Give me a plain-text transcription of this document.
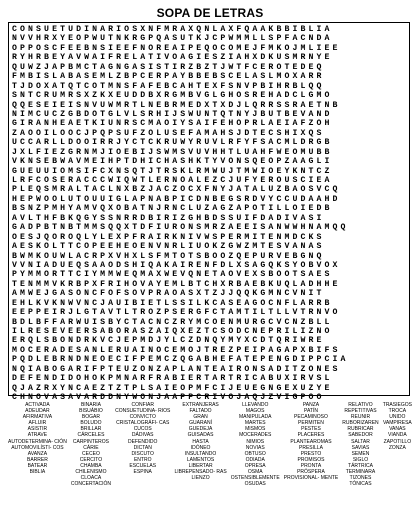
SOPA DE LETRAS
CONSUETUDINARIOSXNFMRAXQNLAXFQAAKBBIBLIA
NVVHRXYEOPWUTNKRGPQASUTKJCPWMMLLSPFACNDA
OPPOSCFEEBNSIEEFNOREAIPEQOCOMEJFMKOJMLIEE
RYHRBEYAVWAIFRELATIVOAGIESZIAHXDKUSMRNYE
QUWZJAPBMCTAGNGASISTIRZBZTJWTFCEROTEDEQ
FMBISLABASEMLZBPCERPAYBBEBSCELASLMOXARR
TJDOXATQTCOTMNSFAFEBCAHTEXFSNVPBIHRBLQQ
SNTCRUMRSXZKXEUDDBXRGMBVGLGHOSREHADCLGMO
QQESEIEISNVUWMRTLNEBRMEDXTXDJLQRRSSRAETNB
NIMCUCZGBDOTGLVLSRHIJSWUNTQTNYJBUTBEVAND
GIRANHEAETKIUNRSCMAOIYSAIFEHOPRLAEIAFZOH
ZAOOILOOCJPQPSUFZOLUSEFAMAHSJDTECSHIXQS
UCCARLLDOOIRRJYCTCKRUWYRUVLRFYFSACMLDRGB
JXLFIEZGRNMJIOEBIJSWMSVUVHHTLUAHFWEOMUBB
VKNSEBWAVMEIHPTDHICHASHKTYVONSQEOPZAAGLI
GUEUUIOMSIFCXNSQTJTRSKLRMWUJTMWIOEYKNTCZ
LRFCOSERACCCWIQWTLERNOALEZCJUFYEROUSCIEA
PLEQSMRALTACLNXBZJACZOCXFNYJATALUZBAOSVCQ
HEPWOOLUTOUUIGLAPNABPICDNBEGSRDVYCCUDAAHD
BSNZPMHYAMVQXOBATNJRNCLUZAGZAPOTILLOIEDB
AVLTHFBKQGYSSNRRDBIRIZGHBDSSUIFDADIVASI
GADPBTNBTMMSQQXTDFIURONSMRZAEEISANWWHNAMQQ
OESJQOROQLYLEXPFRAIRKNIVWSPERMITENMDCKS
AESKOLTTCOPEEHEOENVNRLIUOKZGWZMTESVANAS
BWMKOUWLACRPXVHXLSFMTOTSBOOZQEPURVEBGNQ
VVNIADUEQSAAODSHIQAKAIRENFDLXSAGQKSYOBVOX
PYMMORTTCIYMMWEQMAXWEVQNETAOVEXSBOOTSAES
TENMMVKRBPXFRIHOVAYEMLBTCHXRBAEBKUQLADHHE
AMWEJGASONCFOFSOVPRAOASXTZJJQQKGMNCVNIT
EHLKVKNWVNCJAUIBIETLSSILKCASEAGOCNFLARRB
EEPPEIRJLGTAVTLTROZPSERGFCTAMTILTLLVTRNVO
BDLBFFARWUISBYCTACNCZRYMCOENMURGCVCNZBLL
ILRESEVEERSABORASZAIQXEZTCSODCNEPRILIZNO
ERQLSBONDRKVCJEPMDJYLCZDNQYMYXCDTQRIWRE
MOCERADESANLERUAINOCEMOJTREZPEIPAGAPXBIFS
PQDLEBRNDNEOECIFPEMCZQGABHEFATEPENGDIPPCIA
NQIABOGARIFPTEUZONZAPLANTEAIRONSADITZONES
DEFENDIDOHOKPMNARFRABIERTARTRICABUXIRVSL
QJAZRXYNCAEZTZTPLSAIEOPMFCIJEUEGNGEXUZYE
CHNOVASAVARDDNYWONJAAPPCRIVOJAQJZVIGPOO
ACTIVADA
ADEUDAR
AFIRMATIVA
AFLUIR
ASISTIR
ATRAVE
AUTODETERMINA- CIÓN
AUTOMOVILÍSTI- COS
AVANZA
BARRER
BATEAR
BIBLIA
BINARIA
BISUÁBIO
BOGAR
BOLUDO
BRILLAR
CÁRCELES
CARPINTEROS
CÁRIE
CECEO
CERCITO
CHAMBA
CHILENISMO
CLOACA
CONCERTACIÓN
CONFIAR
CONSUETUDINA- RIOS
CONVICTO
CRISTALOGRÁFI- CAS
CUCOS
DÁDIVAS
DEFENDIDO
DICTAN
DISCUTO
ENTRO
ESCUELAS
ESPINA
EXTRANJERAS
FALTADO
GRAN
GUARANÍ
GUEDEJA
GUISADAS
HASTA
IDÓNEO
INSULTANDO
LAMENTOS
LIBERTAR
LIBREPENSADO- RAS
LIENZO
LLEVANDO
MAGOS
MANIPULADA
MARTES
MISMOS
MOCERADES
NIMIOS
NOVIAS
OBTUSO
ODIADA
OPRESA
OSMA
OSTENSIBLEMENTE
OSUDAS
PANZA
PATÍN
PECAMINOSO
PERMITEN
PESTES
PLACERES
PLANTEAROMAS
PRESILLA
PRESTO
PROMISOS
PRONTA
PRÓSPERA
PROVISIONAL- MENTE
RELATIVO
REPETITIVAS
REUNIR
RUBORIZAREN
RUBRICAR
SABEDOR
SALTAR
SAVIAS
SEMEN
SIGLO
TÁRTRICA
TERMINARA
TIZONES
TÓNICAS
TRASIEGOS
TROCA
UNIDO
VAMPIRESA
VANAS
VIANDA
ZAPOTILLO
ZONZA
